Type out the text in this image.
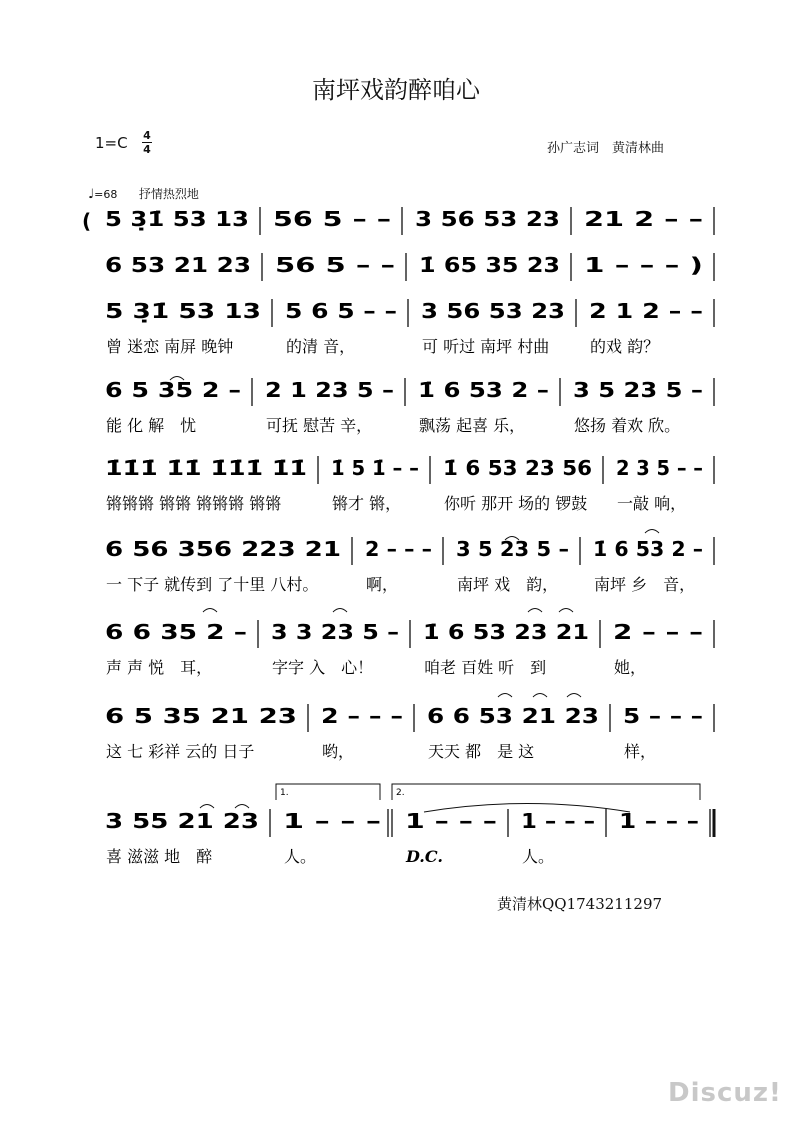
南坪戏韵醉咱心
1=C 4
4	孙广志词　黄清林曲
♩=68 抒情热烈地
5 3̣1̇ 53 13 56 5 – – 3 56 53 23 21 2 – –
6 53 21 23 56 5 – – 1̇ 65 35 23 1 – – – )
5 3̣1̇ 53 13 5 6 5 – – 3 56 53 23 2 1 2 – –
曾 迷恋 南屏 晚钟	的清 音，	可 听过 南坪 村曲	的戏 韵？
6 5 35 2 – 2 1 23 5 – 1̇ 6 53 2 – 3 5 23 5 –
能 化 解　忧	可抚 慰苦 辛，	飘荡 起喜 乐，	悠扬 着欢 欣。
1̇1̇1̇ 1̇1̇ 1̇1̇1̇ 1̇1̇ 1̇ 5 1̇ – – 1̇ 6 53 23 56 2 3 5 – –
锵锵锵 锵锵 锵锵锵 锵锵	锵才 锵，	你听 那开 场的 锣鼓 一敲 响，
6 56 356 223 21 2 – – – 3 5 23 5 – 1̇ 6 53 2 –
一 下子 就传到 了十里 八村。	啊，	南坪 戏　韵， 南坪 乡　音，
6 6 35 2 – 3 3 23 5 – 1̇ 6 53 23 21 2 – – –
声 声 悦　耳，	字字 入　心！	咱老 百姓 听　到	她，
6 5 35 21 23 2 – – – 6 6 53 21 23 5 – – –
这 七 彩祥 云的 日子	哟，	天天 都　是 这	样，
3 55 21 23 1 – – – 1 – – – 1 – – – 1 – – –
喜 滋滋 地　醉	人。	D.C.	人。
(
1.	2.
黄清林QQ1743211297
Discuz!
